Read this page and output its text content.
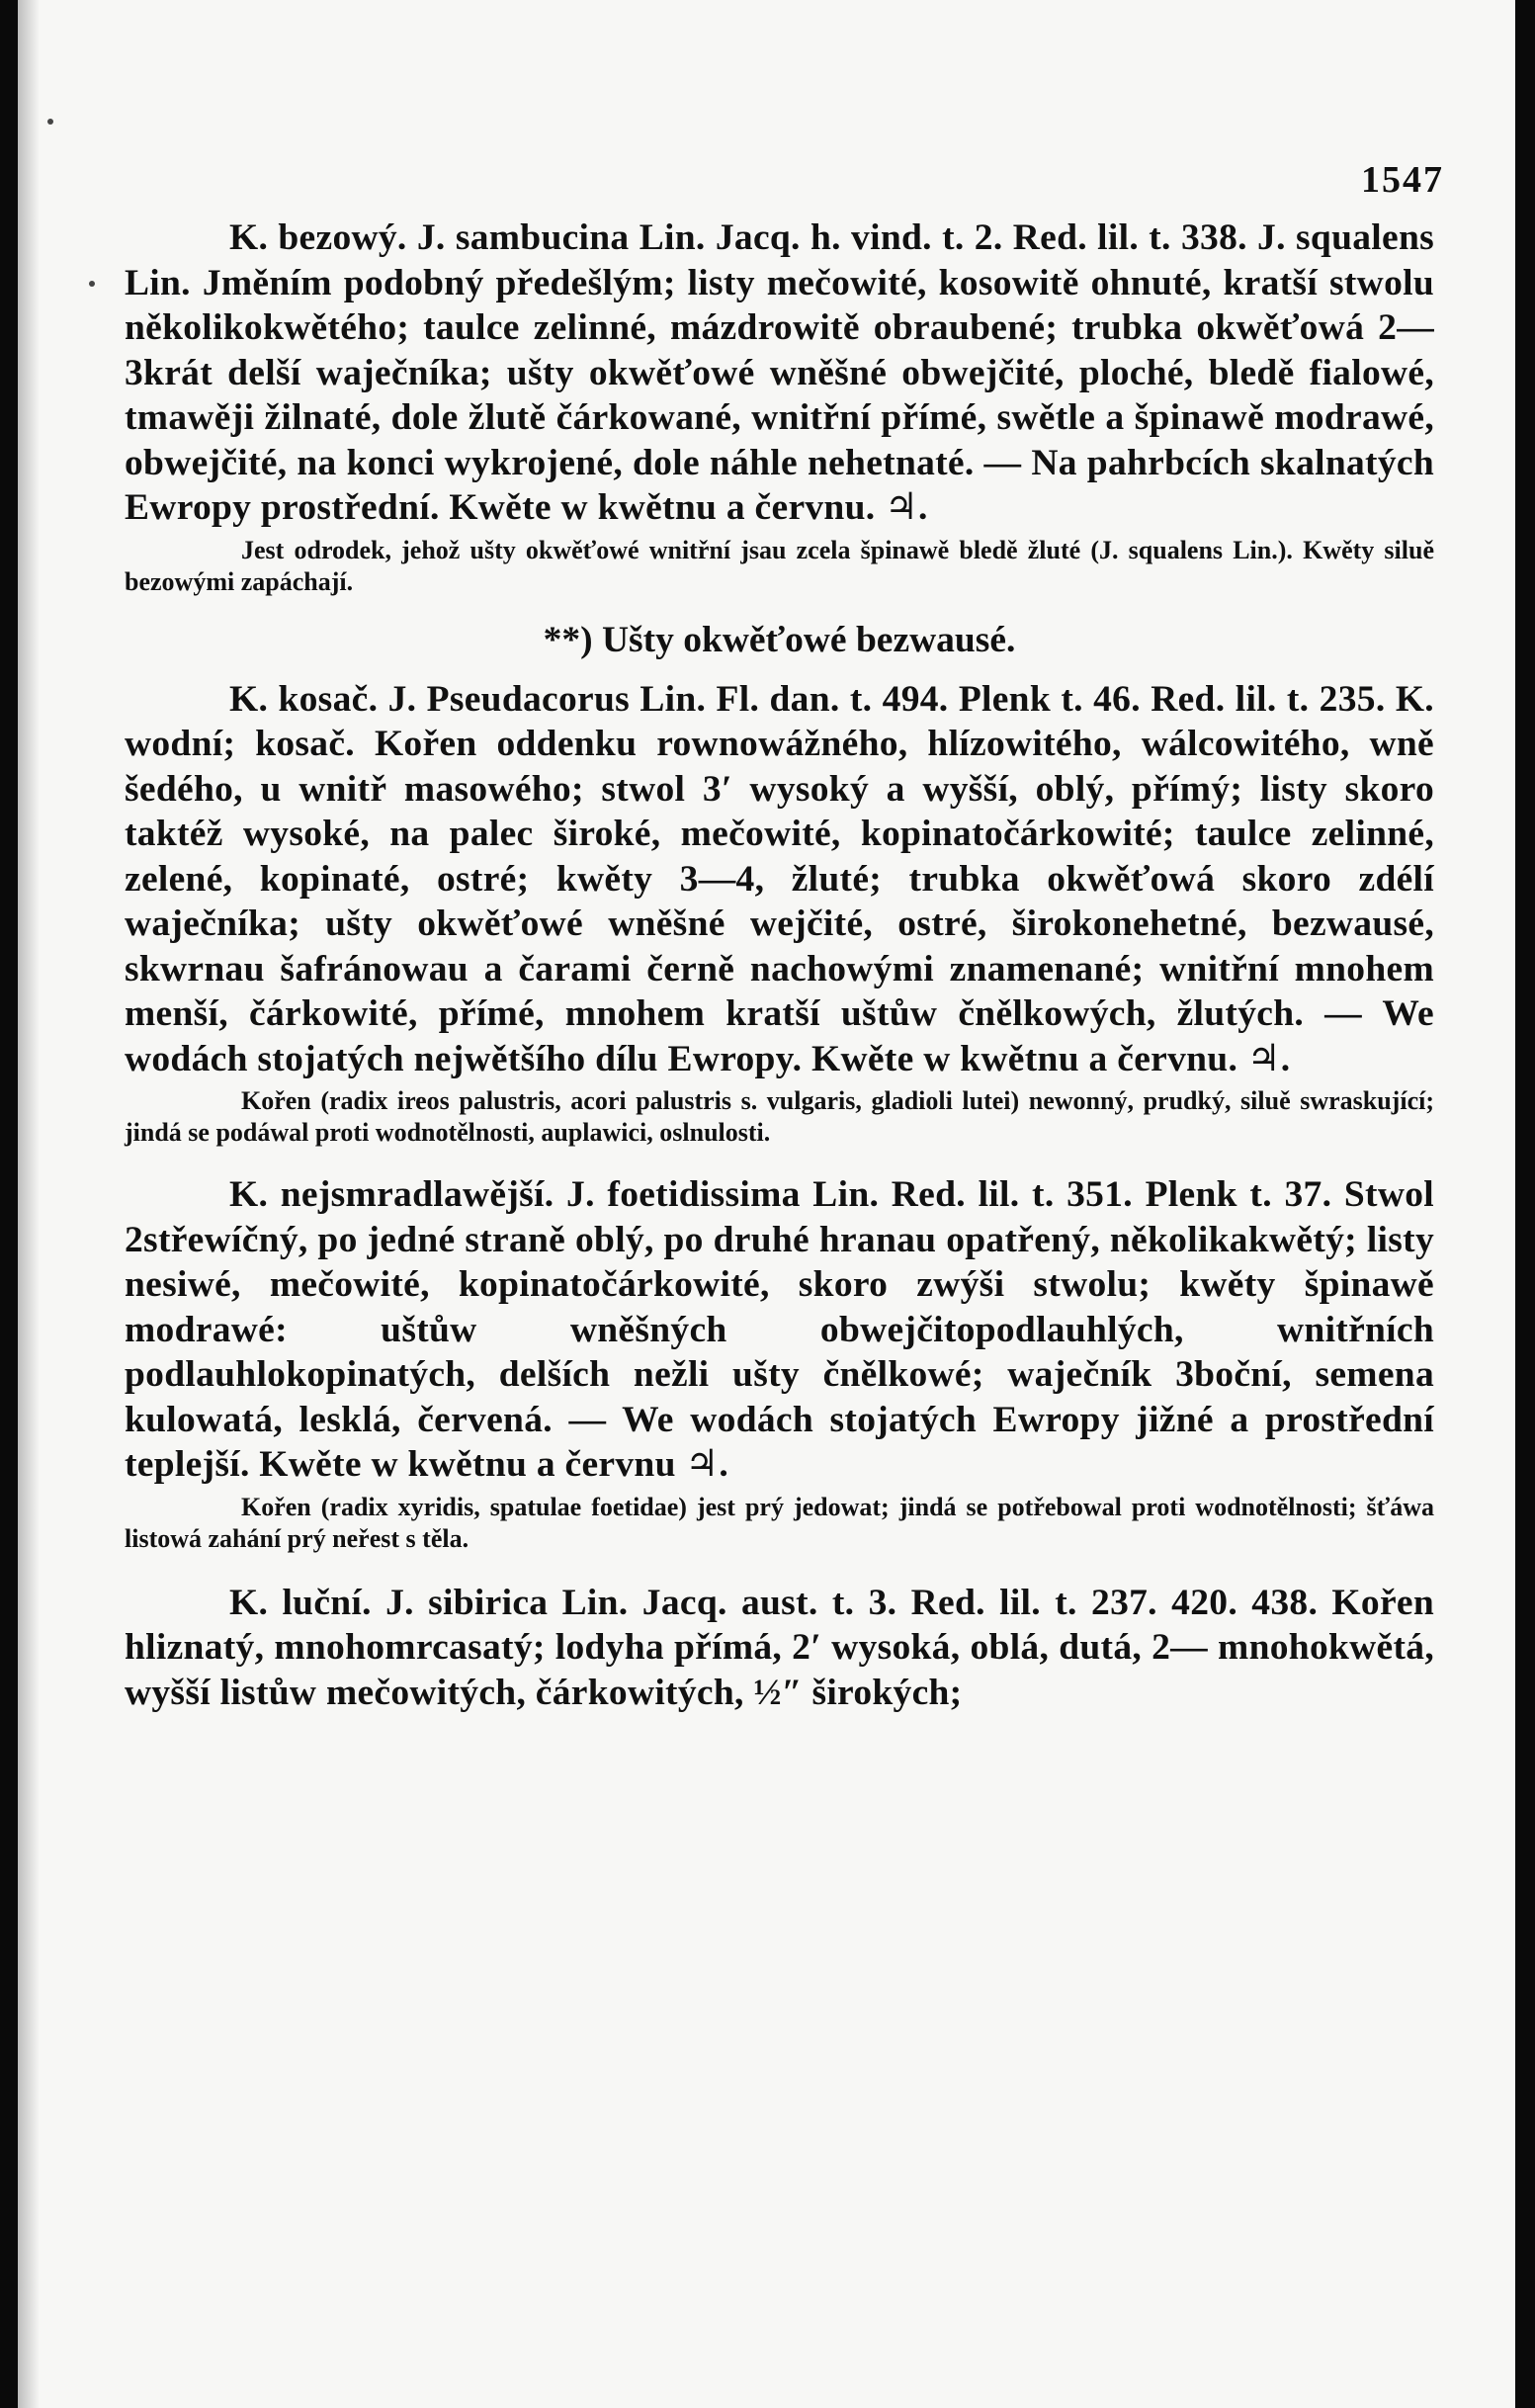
1547

K. bezowý. J. sambucina Lin. Jacq. h. vind. t. 2. Red. lil. t. 338. J. squalens Lin. Jměním podobný předešlým; listy mečowité, kosowitě ohnuté, kratší stwolu několikokwětého; taulce zelinné, mázdrowitě obraubené; trubka okwěťowá 2—3krát delší waječníka; ušty okwěťowé wněšné obwejčité, ploché, bledě fialowé, tmawěji žilnaté, dole žlutě čárkowané, wnitřní přímé, swětle a špinawě modrawé, obwejčité, na konci wykrojené, dole náhle nehetnaté. — Na pahrbcích skalnatých Ewropy prostřední. Kwěte w kwětnu a červnu. ♃.

Jest odrodek, jehož ušty okwěťowé wnitřní jsau zcela špinawě bledě žluté (J. squalens Lin.). Kwěty siluě bezowými zapáchají.

**) Ušty okwěťowé bezwausé.

K. kosač. J. Pseudacorus Lin. Fl. dan. t. 494. Plenk t. 46. Red. lil. t. 235. K. wodní; kosač. Kořen oddenku rownowážného, hlízowitého, wálcowitého, wně šedého, u wnitř masowého; stwol 3′ wysoký a wyšší, oblý, přímý; listy skoro taktéž wysoké, na palec široké, mečowité, kopinatočárkowité; taulce zelinné, zelené, kopinaté, ostré; kwěty 3—4, žluté; trubka okwěťowá skoro zdélí waječníka; ušty okwěťowé wněšné wejčité, ostré, širokonehetné, bezwausé, skwrnau šafránowau a čarami černě nachowými znamenané; wnitřní mnohem menší, čárkowité, přímé, mnohem kratší uštůw čnělkowých, žlutých. — We wodách stojatých nejwětšího dílu Ewropy. Kwěte w kwětnu a červnu. ♃.

Kořen (radix ireos palustris, acori palustris s. vulgaris, gladioli lutei) newonný, prudký, siluě swraskující; jindá se podáwal proti wodnotělnosti, auplawici, oslnulosti.

K. nejsmradlawější. J. foetidissima Lin. Red. lil. t. 351. Plenk t. 37. Stwol 2střewíčný, po jedné straně oblý, po druhé hranau opatřený, několikakwětý; listy nesiwé, mečowité, kopinatočárkowité, skoro zwýši stwolu; kwěty špinawě modrawé: uštůw wněšných obwejčitopodlauhlých, wnitřních podlauhlokopinatých, delších nežli ušty čnělkowé; waječník 3boční, semena kulowatá, lesklá, červená. — We wodách stojatých Ewropy jižné a prostřední teplejší. Kwěte w kwětnu a červnu ♃.

Kořen (radix xyridis, spatulae foetidae) jest prý jedowat; jindá se potřebowal proti wodnotělnosti; šťáwa listowá zahání prý neřest s těla.

K. luční. J. sibirica Lin. Jacq. aust. t. 3. Red. lil. t. 237. 420. 438. Kořen hliznatý, mnohomrcasatý; lodyha přímá, 2′ wysoká, oblá, dutá, 2— mnohokwětá, wyšší listůw mečowitých, čárkowitých, ½″ širokých;
